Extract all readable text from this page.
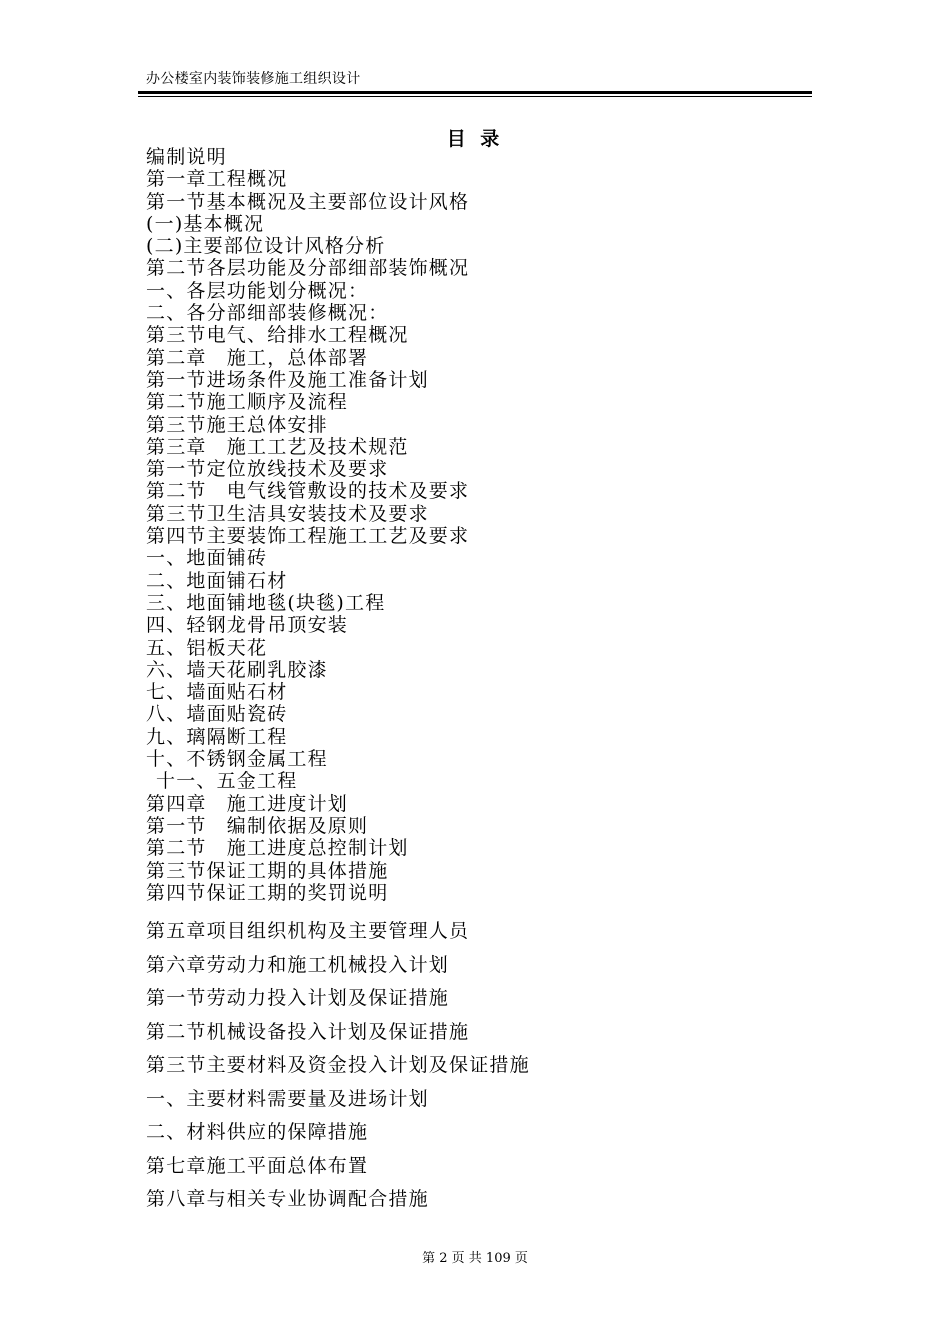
办公楼室内装饰装修施工组织设计
目 录
编制说明
第一章工程概况
第一节基本概况及主要部位设计风格
(一)基本概况
(二)主要部位设计风格分析
第二节各层功能及分部细部装饰概况
一、各层功能划分概况：
二、各分部细部装修概况：
第三节电气、给排水工程概况
第二章　施工，总体部署
第一节进场条件及施工准备计划
第二节施工顺序及流程
第三节施王总体安排
第三章　施工工艺及技术规范
第一节定位放线技术及要求
第二节　电气线管敷设的技术及要求
第三节卫生洁具安装技术及要求
第四节主要装饰工程施工工艺及要求
一、地面铺砖
二、地面铺石材
三、地面铺地毯(块毯)工程
四、轻钢龙骨吊顶安装
五、铝板天花
六、墙天花刷乳胶漆
七、墙面贴石材
八、墙面贴瓷砖
九、璃隔断工程
十、不锈钢金属工程
十一、五金工程
第四章　施工进度计划
第一节　编制依据及原则
第二节　施工进度总控制计划
第三节保证工期的具体措施
第四节保证工期的奖罚说明
第五章项目组织机构及主要管理人员
第六章劳动力和施工机械投入计划
第一节劳动力投入计划及保证措施
第二节机械设备投入计划及保证措施
第三节主要材料及资金投入计划及保证措施
一、主要材料需要量及进场计划
二、材料供应的保障措施
第七章施工平面总体布置
第八章与相关专业协调配合措施
第 2 页 共 109 页
